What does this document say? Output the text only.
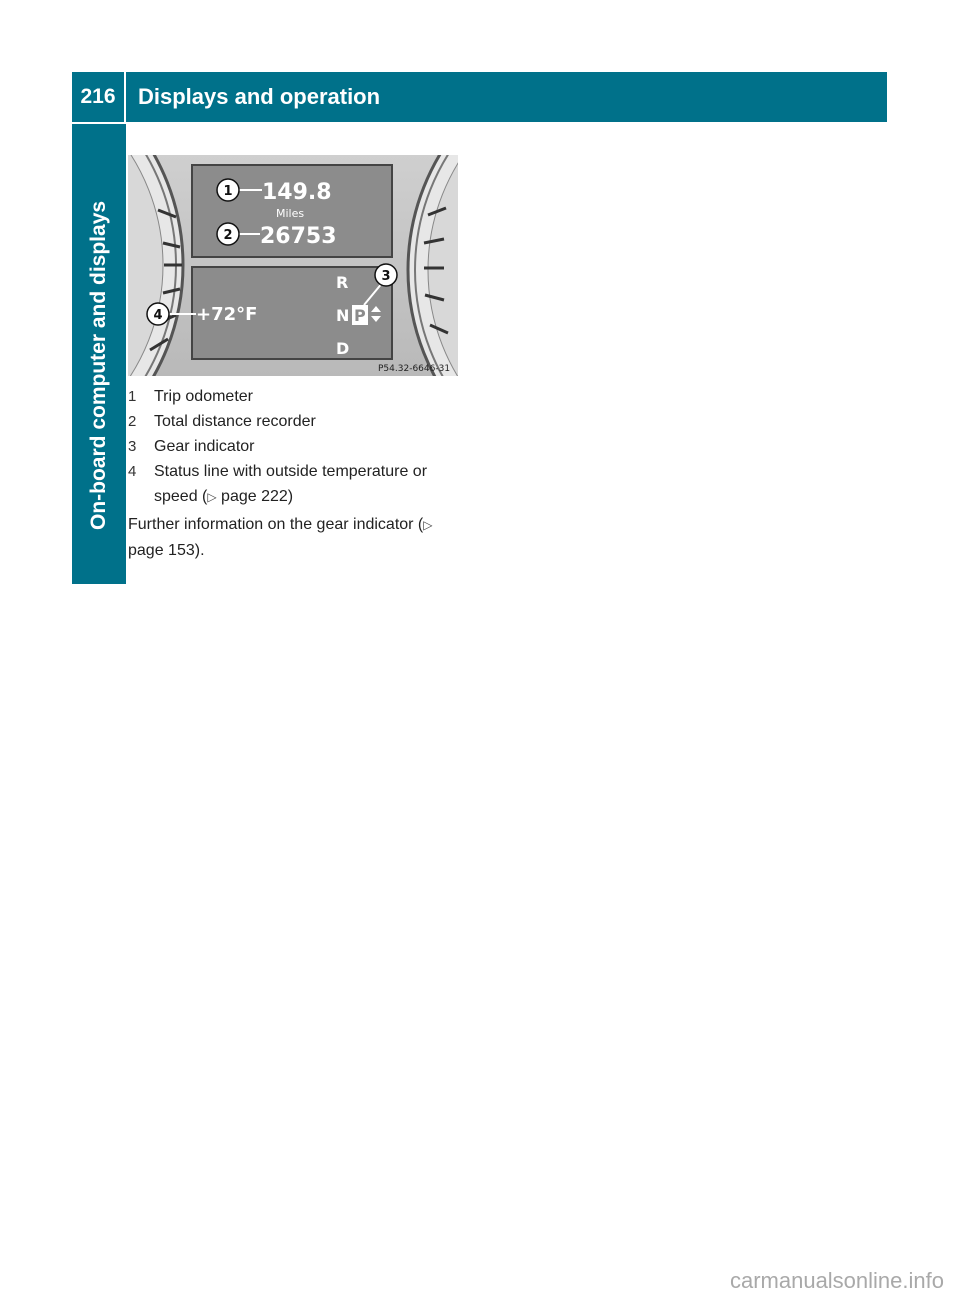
216	Displays and operation
On-board computer and displays
149.8
Miles
26753
+72°F
R
N P
D
1
2
3
4
P54.32-6646-31
1	Trip odometer
2	Total distance recorder
3	Gear indicator
4	Status line with outside temperature or speed (▷ page 222)

Further information on the gear indicator (▷ page 153).

carmanualsonline.info
